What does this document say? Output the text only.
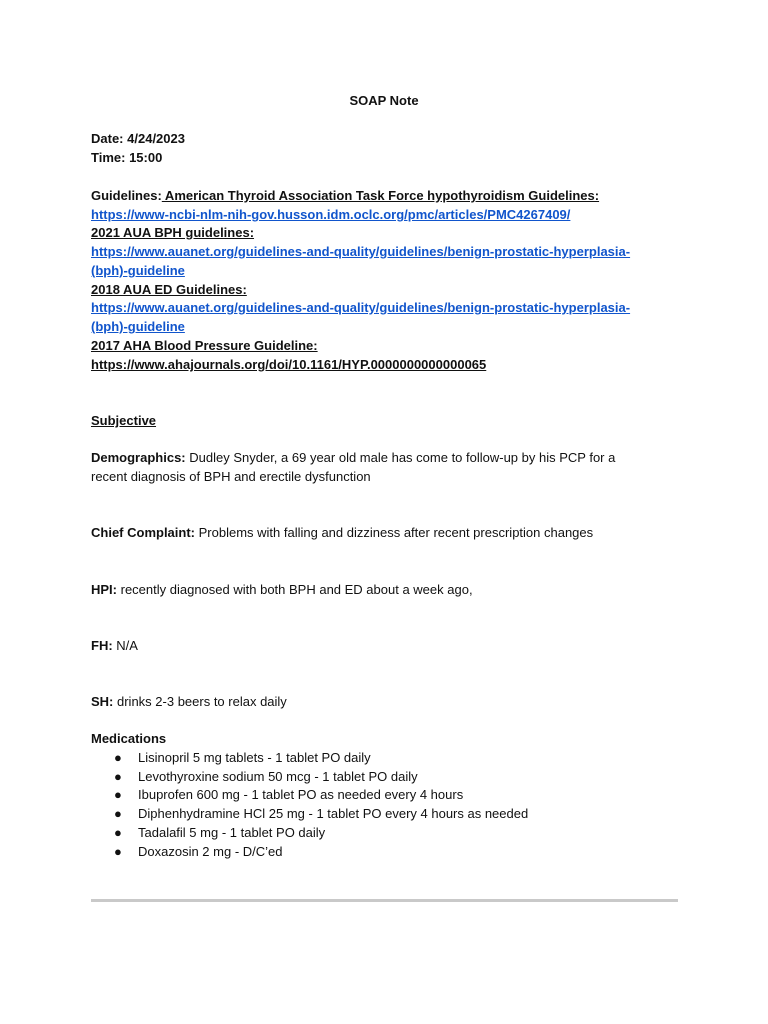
SOAP Note
Date: 4/24/2023
Time: 15:00
Guidelines: American Thyroid Association Task Force hypothyroidism Guidelines:
https://www-ncbi-nlm-nih-gov.husson.idm.oclc.org/pmc/articles/PMC4267409/
2021 AUA BPH guidelines:
https://www.auanet.org/guidelines-and-quality/guidelines/benign-prostatic-hyperplasia-
(bph)-guideline
2018 AUA ED Guidelines:
https://www.auanet.org/guidelines-and-quality/guidelines/benign-prostatic-hyperplasia-
(bph)-guideline
2017 AHA Blood Pressure Guideline:
https://www.ahajournals.org/doi/10.1161/HYP.0000000000000065
Subjective
Demographics: Dudley Snyder, a 69 year old male has come to follow-up by his PCP for a
recent diagnosis of BPH and erectile dysfunction
Chief Complaint: Problems with falling and dizziness after recent prescription changes
HPI: recently diagnosed with both BPH and ED about a week ago,
FH: N/A
SH: drinks 2-3 beers to relax daily
Medications
● Lisinopril 5 mg tablets - 1 tablet PO daily
● Levothyroxine sodium 50 mcg - 1 tablet PO daily
● Ibuprofen 600 mg - 1 tablet PO as needed every 4 hours
● Diphenhydramine HCl 25 mg - 1 tablet PO every 4 hours as needed
● Tadalafil 5 mg - 1 tablet PO daily
● Doxazosin 2 mg - D/C’ed
